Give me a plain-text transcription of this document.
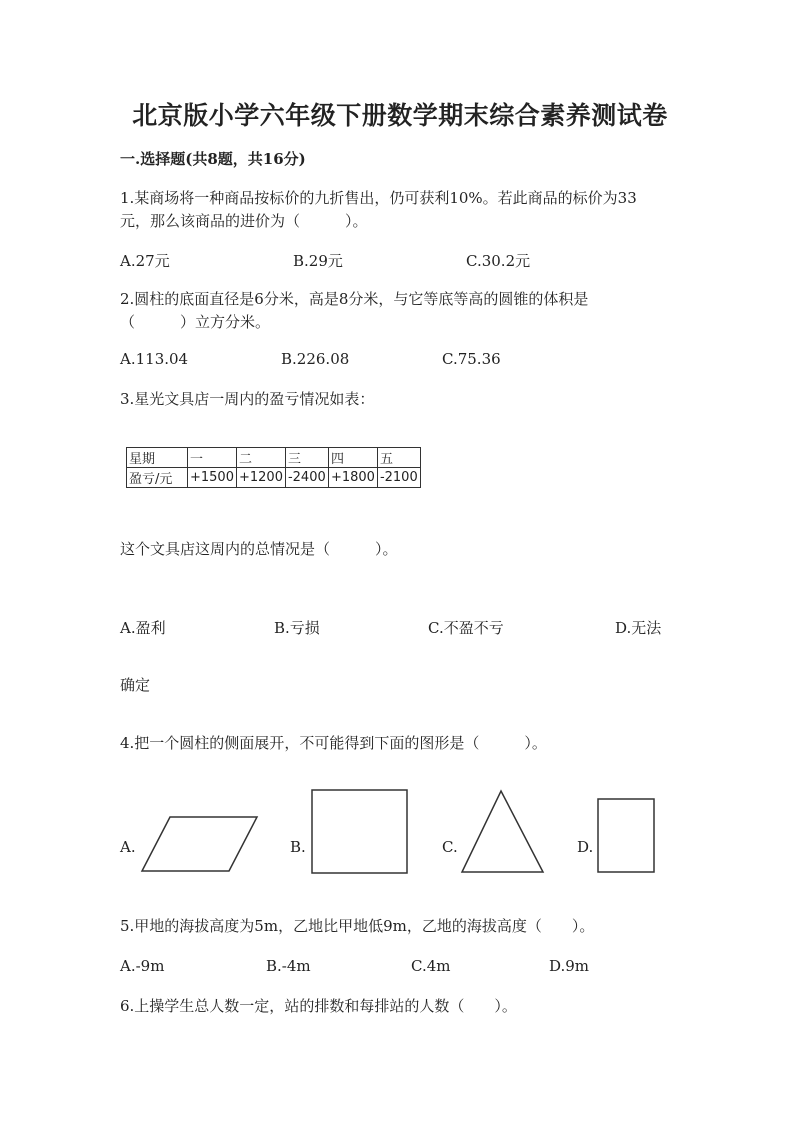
北京版小学六年级下册数学期末综合素养测试卷
一.选择题(共8题，共16分)
1.某商场将一种商品按标价的九折售出，仍可获利10%。若此商品的标价为33
元，那么该商品的进价为（　　　）。
A.27元	B.29元	C.30.2元
2.圆柱的底面直径是6分米，高是8分米，与它等底等高的圆锥的体积是
（　　　）立方分米。
A.113.04	B.226.08	C.75.36
3.星光文具店一周内的盈亏情况如表：
星期	一	二	三	四	五
盈亏/元	+1500	+1200	-2400	+1800	-2100
这个文具店这周内的总情况是（　　　）。
A.盈利	B.亏损	C.不盈不亏	D.无法
确定
4.把一个圆柱的侧面展开，不可能得到下面的图形是（　　　）。
A.	B.	C.	D.
5.甲地的海拔高度为5m，乙地比甲地低9m，乙地的海拔高度（　　）。
A.-9m	B.-4m	C.4m	D.9m
6.上操学生总人数一定，站的排数和每排站的人数（　　）。
